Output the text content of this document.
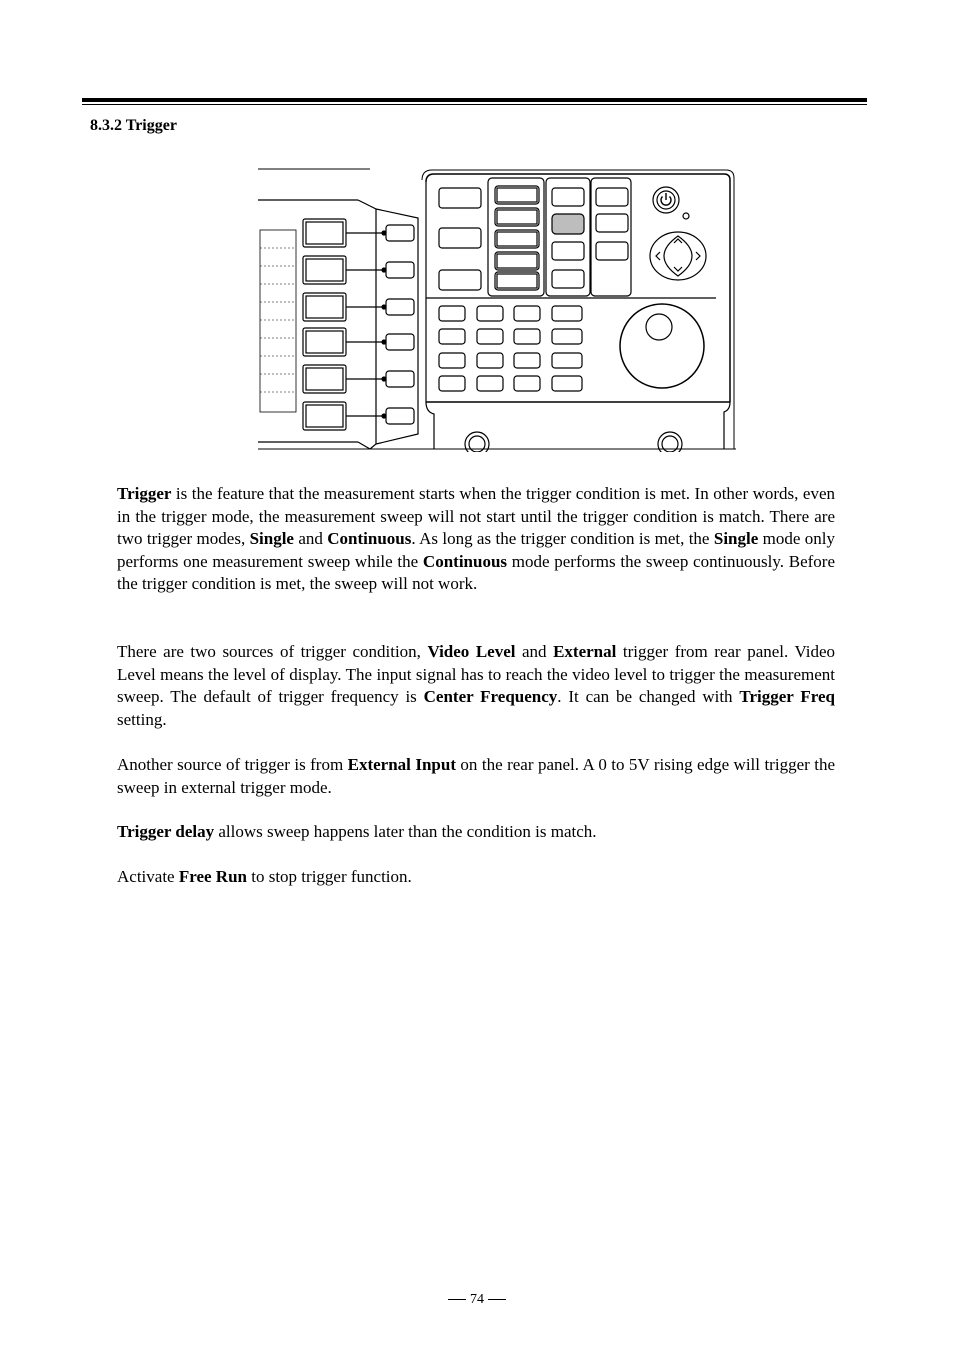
8.3.2 Trigger
Trigger is the feature that the measurement starts when the trigger condition is met. In other words, even in the trigger mode, the measurement sweep will not start until the trigger condition is match. There are two trigger modes, Single and Continuous. As long as the trigger condition is met, the Single mode only performs one measurement sweep while the Continuous mode performs the sweep continuously. Before the trigger condition is met, the sweep will not work.
There are two sources of trigger condition, Video Level and External trigger from rear panel. Video Level means the level of display. The input signal has to reach the video level to trigger the measurement sweep. The default of trigger frequency is Center Frequency. It can be changed with Trigger Freq setting.
Another source of trigger is from External Input on the rear panel. A 0 to 5V rising edge will trigger the sweep in external trigger mode.
Trigger delay allows sweep happens later than the condition is match.
Activate Free Run to stop trigger function.
74
